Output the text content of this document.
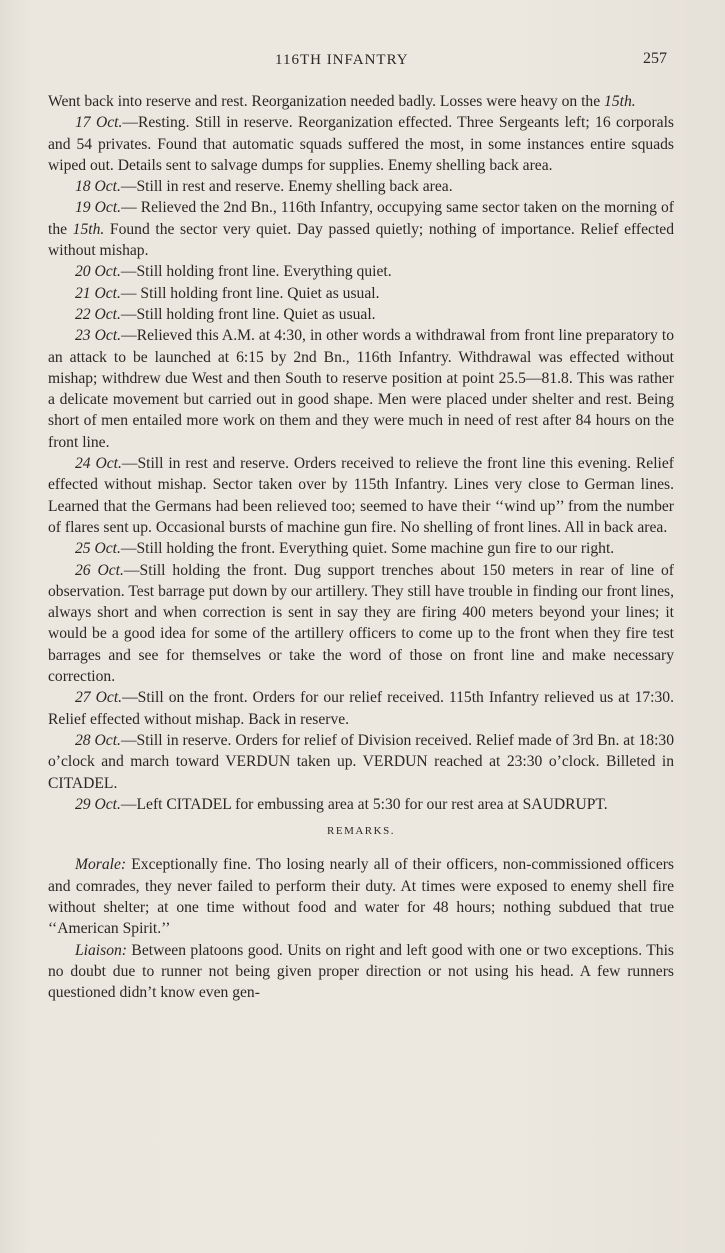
116TH INFANTRY	257

Went back into reserve and rest. Reorganization needed badly. Losses were heavy on the 15th.

17 Oct.—Resting. Still in reserve. Reorganization effected. Three Sergeants left; 16 corporals and 54 privates. Found that automatic squads suffered the most, in some instances entire squads wiped out. Details sent to salvage dumps for supplies. Enemy shelling back area.

18 Oct.—Still in rest and reserve. Enemy shelling back area.

19 Oct.— Relieved the 2nd Bn., 116th Infantry, occupying same sector taken on the morning of the 15th. Found the sector very quiet. Day passed quietly; nothing of importance. Relief effected without mishap.

20 Oct.—Still holding front line. Everything quiet.

21 Oct.— Still holding front line. Quiet as usual.

22 Oct.—Still holding front line. Quiet as usual.

23 Oct.—Relieved this A.M. at 4:30, in other words a withdrawal from front line preparatory to an attack to be launched at 6:15 by 2nd Bn., 116th Infantry. Withdrawal was effected without mishap; withdrew due West and then South to reserve position at point 25.5—81.8. This was rather a delicate movement but carried out in good shape. Men were placed under shelter and rest. Being short of men entailed more work on them and they were much in need of rest after 84 hours on the front line.

24 Oct.—Still in rest and reserve. Orders received to relieve the front line this evening. Relief effected without mishap. Sector taken over by 115th Infantry. Lines very close to German lines. Learned that the Germans had been relieved too; seemed to have their ‘‘wind up’’ from the number of flares sent up. Occasional bursts of machine gun fire. No shelling of front lines. All in back area.

25 Oct.—Still holding the front. Everything quiet. Some machine gun fire to our right.

26 Oct.—Still holding the front. Dug support trenches about 150 meters in rear of line of observation. Test barrage put down by our artillery. They still have trouble in finding our front lines, always short and when correction is sent in say they are firing 400 meters beyond your lines; it would be a good idea for some of the artillery officers to come up to the front when they fire test barrages and see for themselves or take the word of those on front line and make necessary correction.

27 Oct.—Still on the front. Orders for our relief received. 115th Infantry relieved us at 17:30. Relief effected without mishap. Back in reserve.

28 Oct.—Still in reserve. Orders for relief of Division received. Relief made of 3rd Bn. at 18:30 o’clock and march toward VERDUN taken up. VERDUN reached at 23:30 o’clock. Billeted in CITADEL.

29 Oct.—Left CITADEL for embussing area at 5:30 for our rest area at SAUDRUPT.

REMARKS.

Morale: Exceptionally fine. Tho losing nearly all of their officers, non-commissioned officers and comrades, they never failed to perform their duty. At times were exposed to enemy shell fire without shelter; at one time without food and water for 48 hours; nothing subdued that true ‘‘American Spirit.’’

Liaison: Between platoons good. Units on right and left good with one or two exceptions. This no doubt due to runner not being given proper direction or not using his head. A few runners questioned didn’t know even gen-
